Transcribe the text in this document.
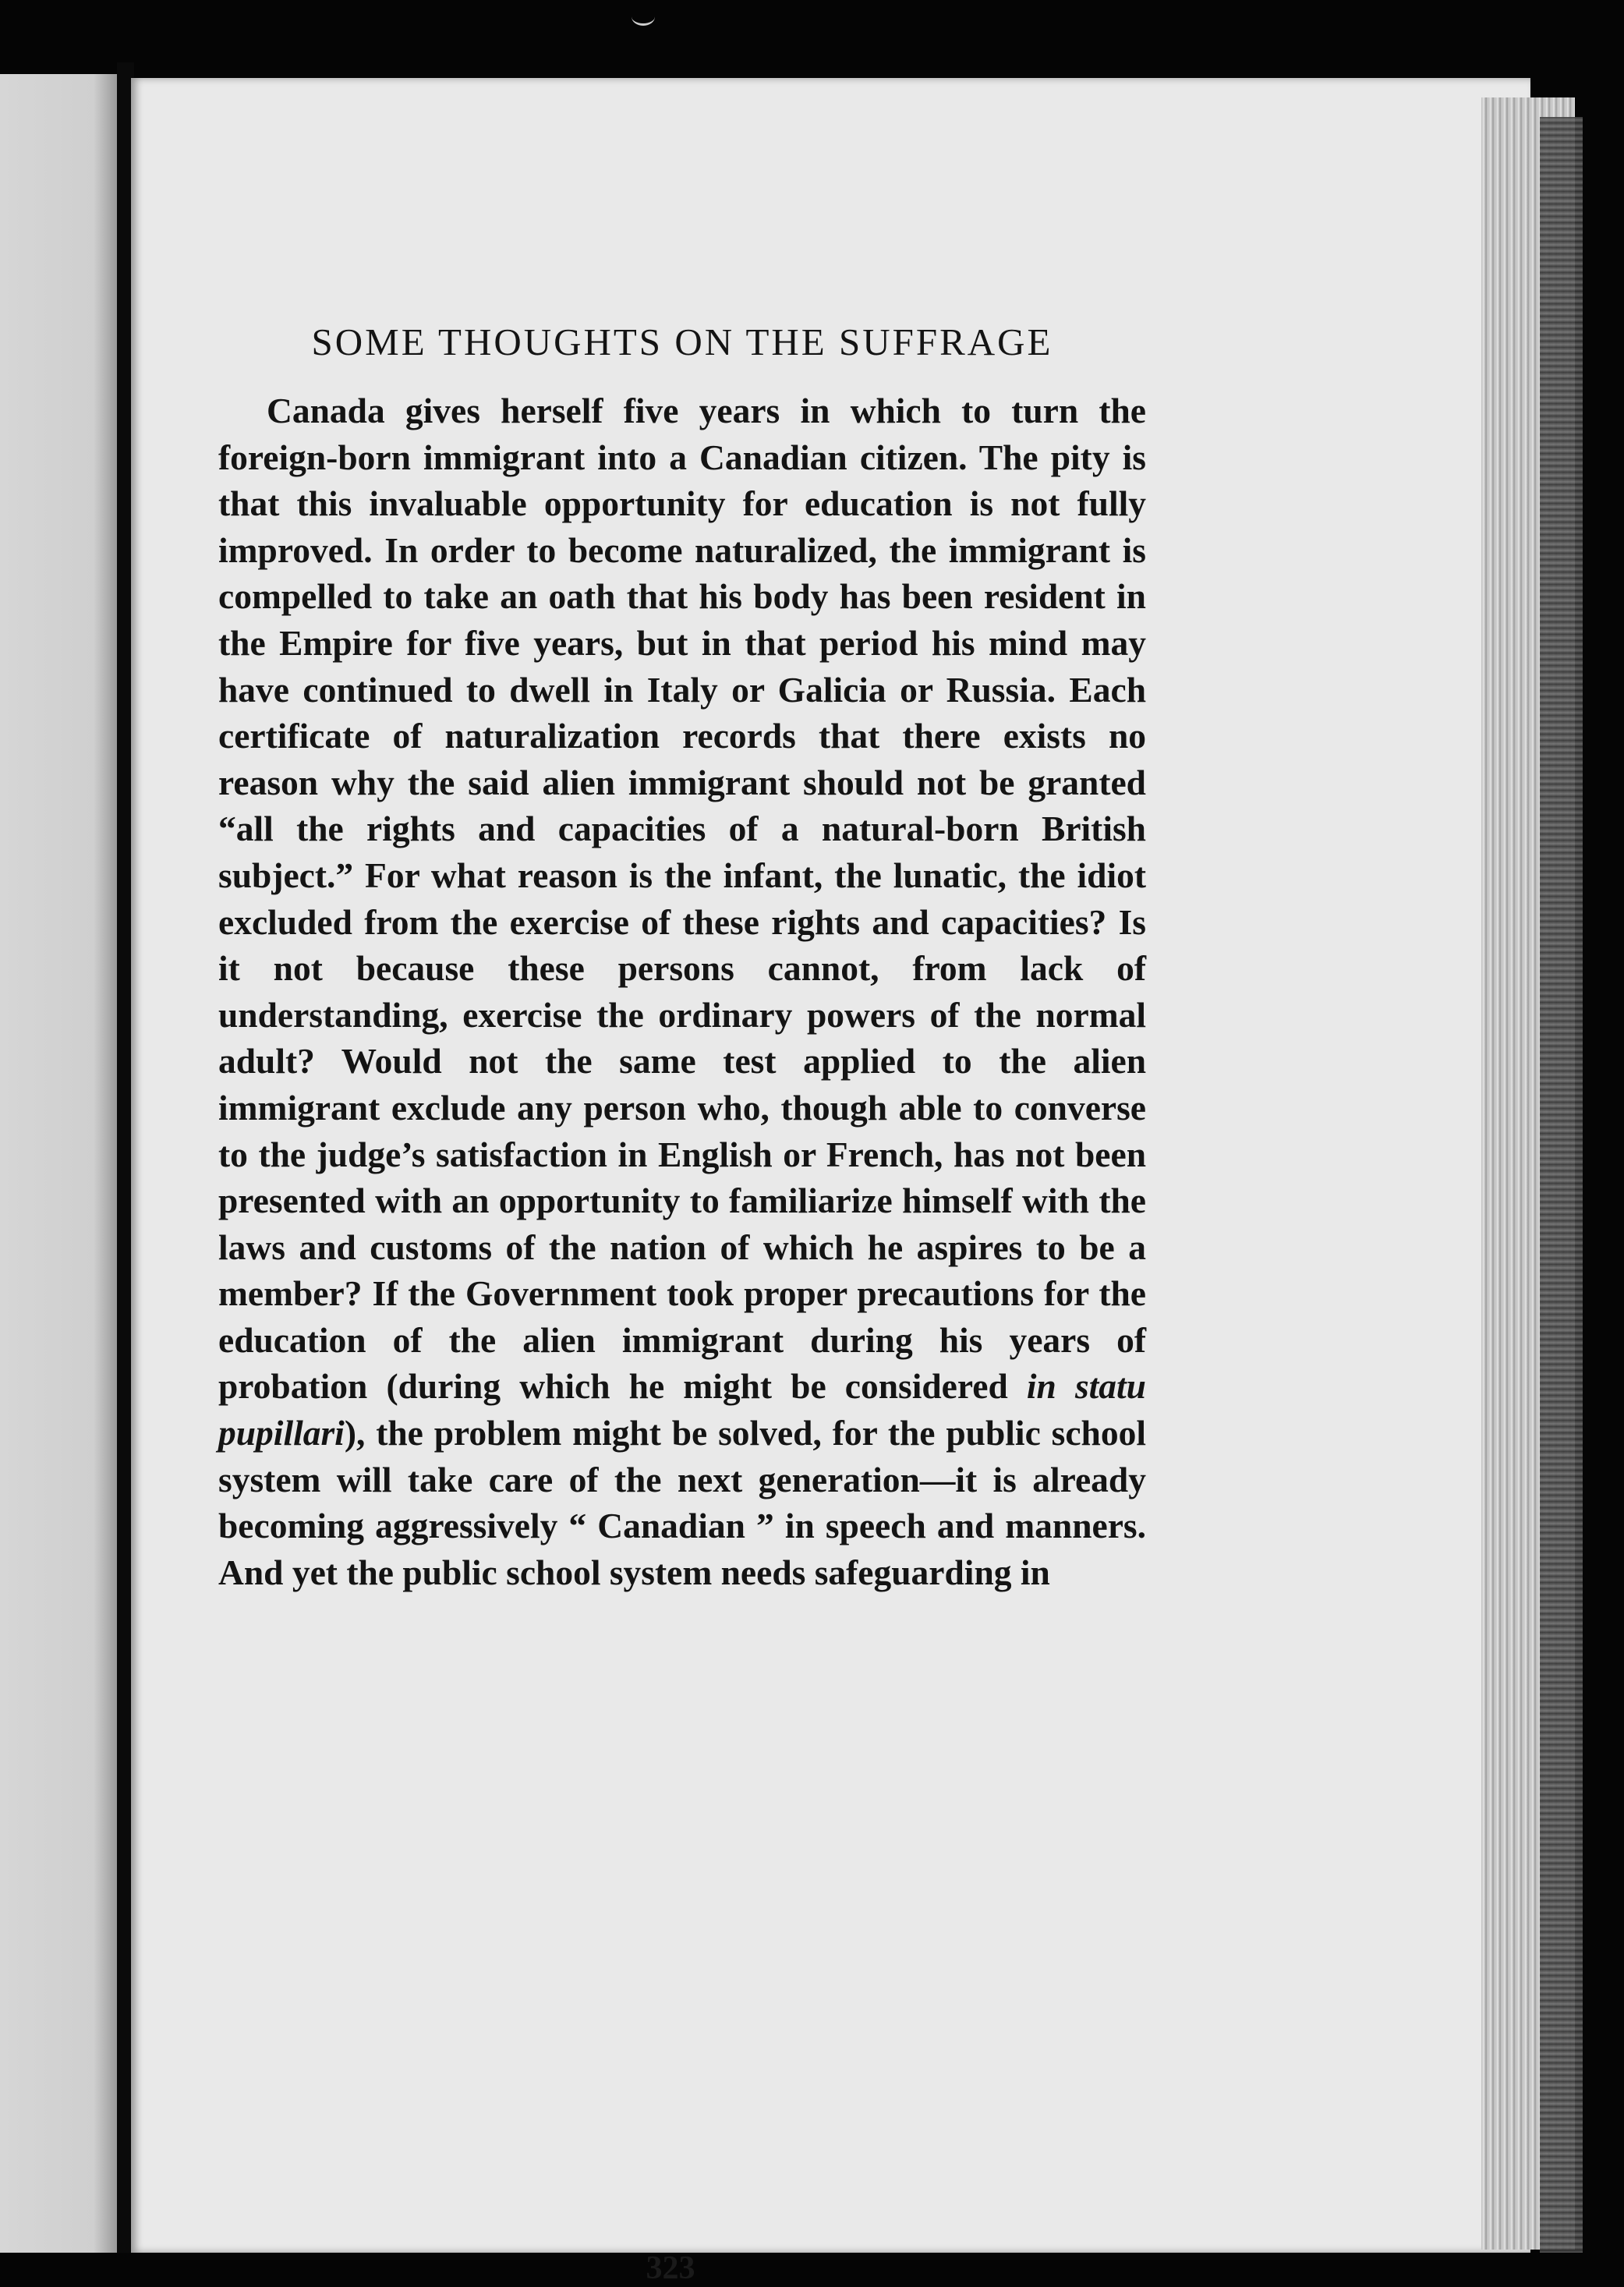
SOME THOUGHTS ON THE SUFFRAGE

Canada gives herself five years in which to turn the foreign-born immigrant into a Canadian citizen. The pity is that this invaluable opportunity for education is not fully improved. In order to become naturalized, the immigrant is compelled to take an oath that his body has been resident in the Empire for five years, but in that period his mind may have continued to dwell in Italy or Galicia or Russia. Each certificate of naturalization records that there exists no reason why the said alien immigrant should not be granted “all the rights and capacities of a natural-born British subject.” For what reason is the infant, the lunatic, the idiot excluded from the exercise of these rights and capacities? Is it not because these persons cannot, from lack of understanding, exercise the ordinary powers of the normal adult? Would not the same test applied to the alien immigrant exclude any person who, though able to converse to the judge’s satisfaction in English or French, has not been presented with an opportunity to familiarize himself with the laws and customs of the nation of which he aspires to be a member? If the Government took proper precautions for the education of the alien immigrant during his years of probation (during which he might be considered in statu pupillari), the problem might be solved, for the public school system will take care of the next generation—it is already becoming aggressively “ Canadian ” in speech and manners. And yet the public school system needs safeguarding in

323
